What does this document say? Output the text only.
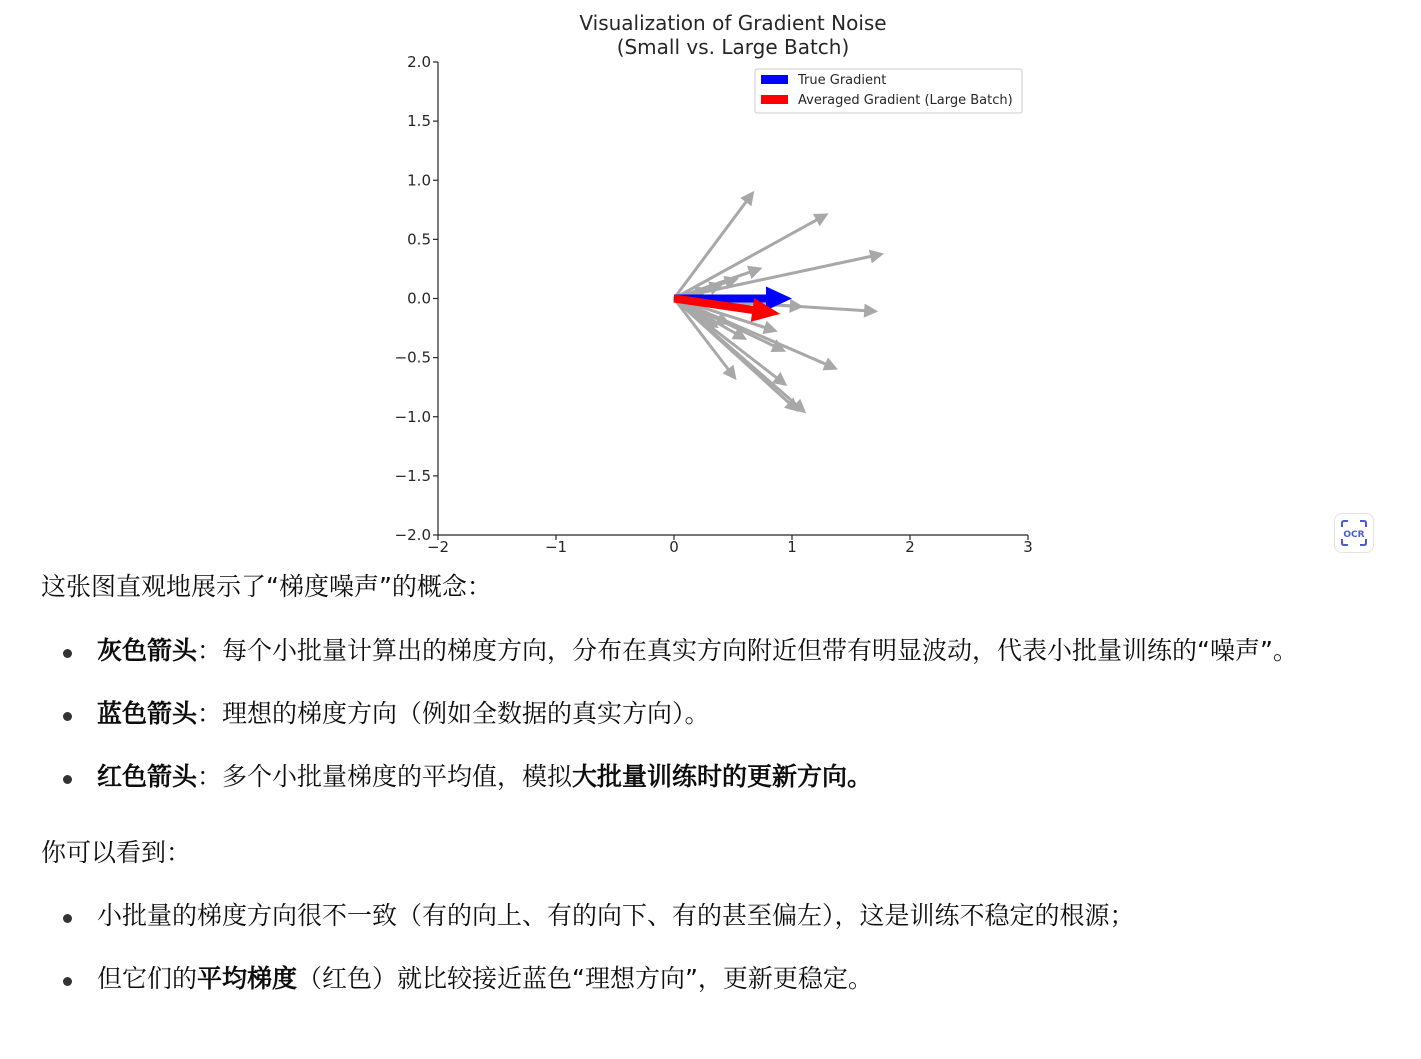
Visualization of Gradient Noise
(Small vs. Large Batch)
2.0
1.5
1.0
0.5
0.0
−0.5
−1.0
−1.5
−2.0
−2	−1	0	1	2	3
True Gradient
Averaged Gradient (Large Batch)
OCR

这张图直观地展示了“梯度噪声”的概念：

灰色箭头：每个小批量计算出的梯度方向，分布在真实方向附近但带有明显波动，代表小批量训练的“噪声”。
蓝色箭头：理想的梯度方向（例如全数据的真实方向）。
红色箭头：多个小批量梯度的平均值，模拟大批量训练时的更新方向。

你可以看到：

小批量的梯度方向很不一致（有的向上、有的向下、有的甚至偏左），这是训练不稳定的根源；
但它们的平均梯度（红色）就比较接近蓝色“理想方向”，更新更稳定。
